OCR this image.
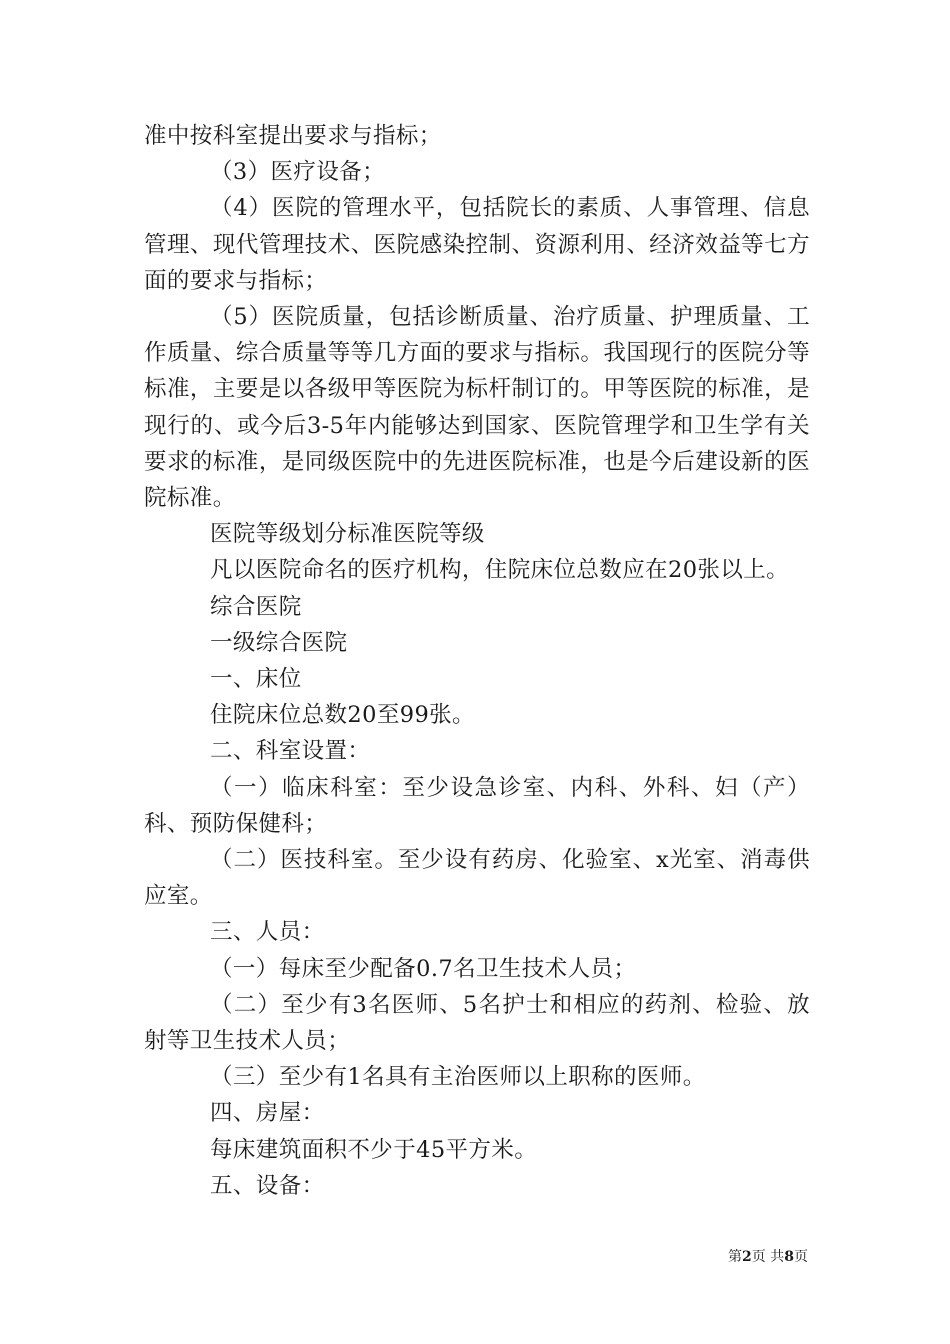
准中按科室提出要求与指标；

（3）医疗设备；

（4）医院的管理水平，包括院长的素质、人事管理、信息管理、现代管理技术、医院感染控制、资源利用、经济效益等七方面的要求与指标；

（5）医院质量，包括诊断质量、治疗质量、护理质量、工作质量、综合质量等等几方面的要求与指标。我国现行的医院分等标准，主要是以各级甲等医院为标杆制订的。甲等医院的标准，是现行的、或今后3-5年内能够达到国家、医院管理学和卫生学有关要求的标准，是同级医院中的先进医院标准，也是今后建设新的医院标准。

医院等级划分标准医院等级

凡以医院命名的医疗机构，住院床位总数应在20张以上。

综合医院

一级综合医院

一、床位

住院床位总数20至99张。

二、科室设置：

（一）临床科室：至少设急诊室、内科、外科、妇（产）科、预防保健科；

（二）医技科室。至少设有药房、化验室、x光室、消毒供应室。

三、人员：

（一）每床至少配备0.7名卫生技术人员；

（二）至少有3名医师、5名护士和相应的药剂、检验、放射等卫生技术人员；

（三）至少有1名具有主治医师以上职称的医师。

四、房屋：

每床建筑面积不少于45平方米。

五、设备：

第2页 共8页
